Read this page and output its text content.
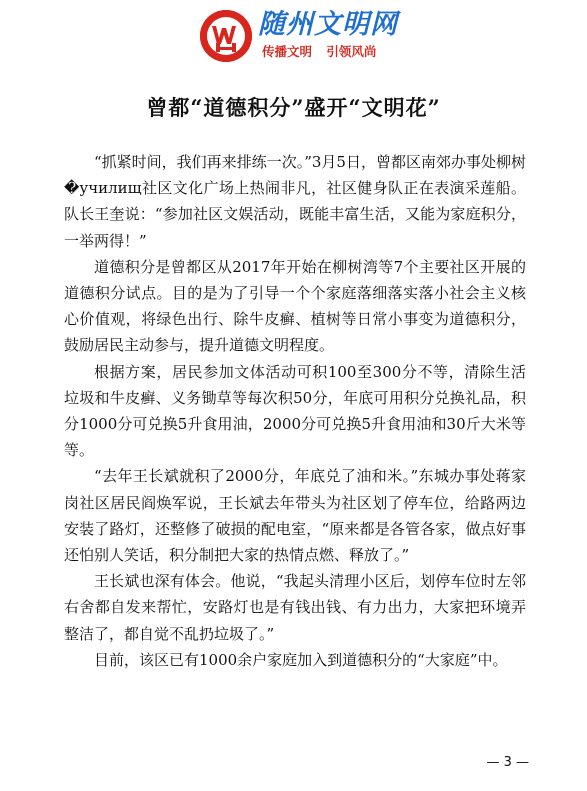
随州文明网
传播文明 引领风尚
曾都“道德积分”盛开“文明花”

“抓紧时间，我们再来排练一次。”3月5日，曾都区南郊办事处柳树�училищ社区文化广场上热闹非凡，社区健身队正在表演采莲船。队长王奎说：“参加社区文娱活动，既能丰富生活，又能为家庭积分，一举两得！”

道德积分是曾都区从2017年开始在柳树湾等7个主要社区开展的道德积分试点。目的是为了引导一个个家庭落细落实落小社会主义核心价值观，将绿色出行、除牛皮癣、植树等日常小事变为道德积分，鼓励居民主动参与，提升道德文明程度。

根据方案，居民参加文体活动可积100至300分不等，清除生活垃圾和牛皮癣、义务锄草等每次积50分，年底可用积分兑换礼品，积分1000分可兑换5升食用油，2000分可兑换5升食用油和30斤大米等等。

“去年王长斌就积了2000分，年底兑了油和米。”东城办事处蒋家岗社区居民阎焕军说，王长斌去年带头为社区划了停车位，给路两边安装了路灯，还整修了破损的配电室，“原来都是各管各家，做点好事还怕别人笑话，积分制把大家的热情点燃、释放了。”

王长斌也深有体会。他说，“我起头清理小区后，划停车位时左邻右舍都自发来帮忙，安路灯也是有钱出钱、有力出力，大家把环境弄整洁了，都自觉不乱扔垃圾了。”

目前，该区已有1000余户家庭加入到道德积分的“大家庭”中。

— 3 —
